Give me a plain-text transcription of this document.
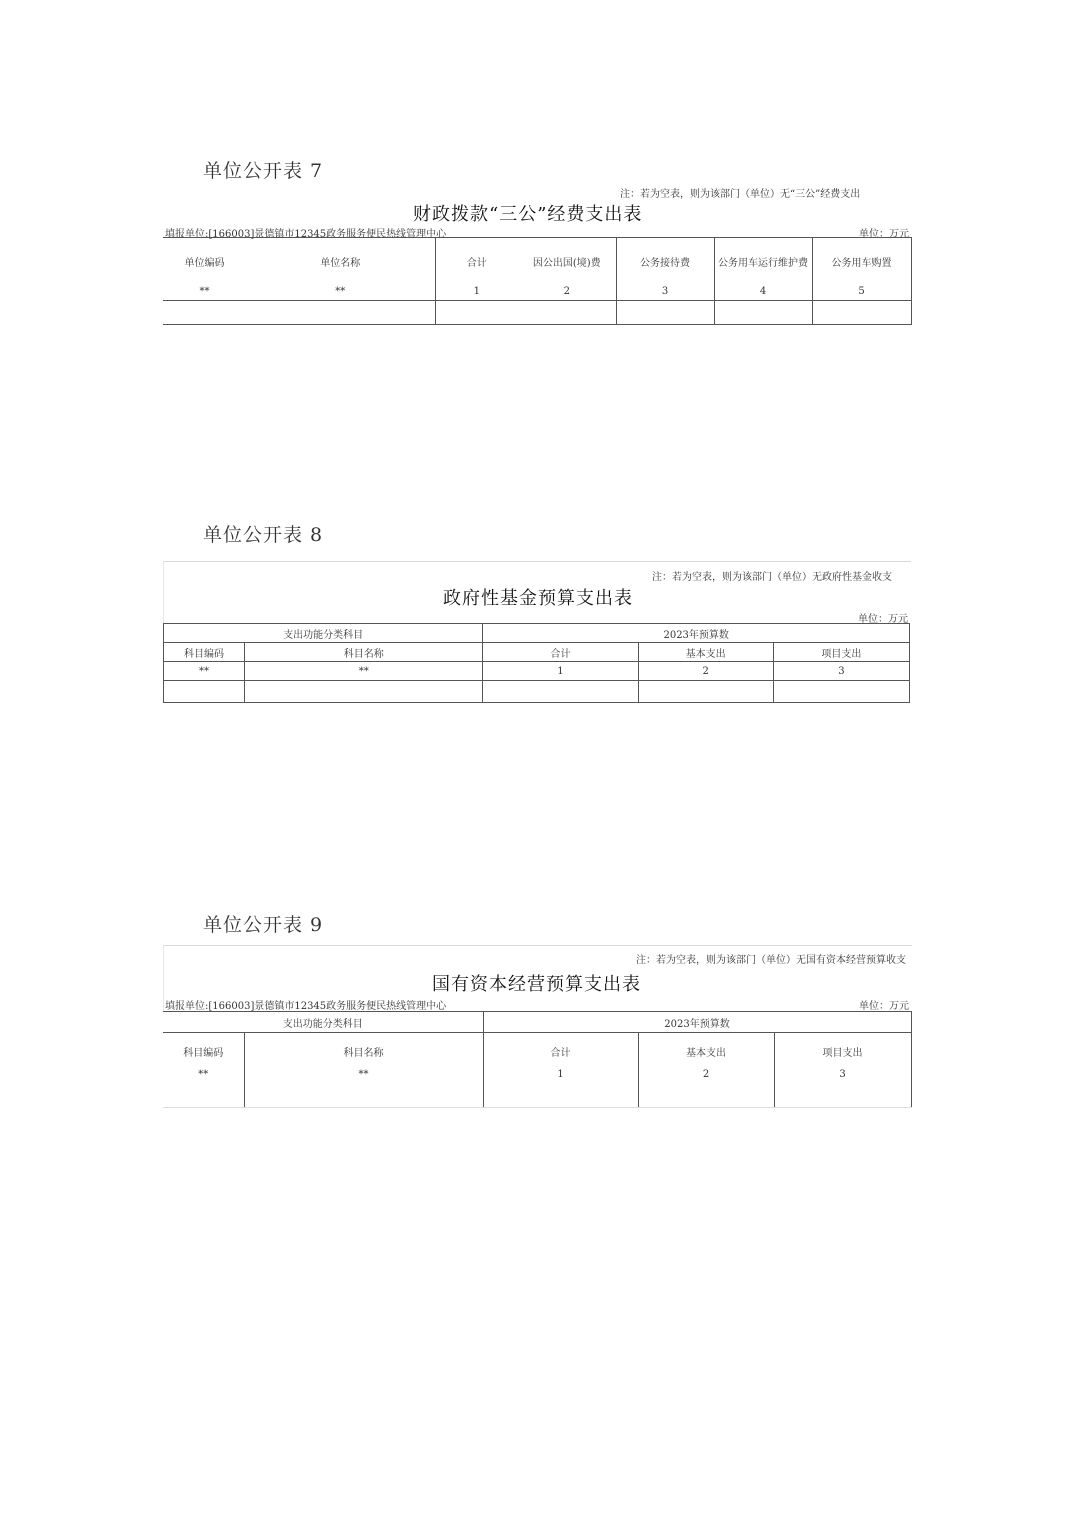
单位公开表 7
注：若为空表，则为该部门（单位）无“三公”经费支出
财政拨款“三公”经费支出表
填报单位:[166003]景德镇市12345政务服务便民热线管理中心	单位：万元
单位编码	单位名称	合计	因公出国(境)费	公务接待费	公务用车运行维护费	公务用车购置
**	**	1	2	3	4	5

单位公开表 8
注：若为空表，则为该部门（单位）无政府性基金收支
政府性基金预算支出表
单位：万元
支出功能分类科目		2023年预算数		
科目编码	科目名称	合计	基本支出	项目支出
**	**	1	2	3

单位公开表 9
注：若为空表，则为该部门（单位）无国有资本经营预算收支
国有资本经营预算支出表
填报单位:[166003]景德镇市12345政务服务便民热线管理中心	单位：万元
支出功能分类科目		2023年预算数		
科目编码	科目名称	合计	基本支出	项目支出
**	**	1	2	3
